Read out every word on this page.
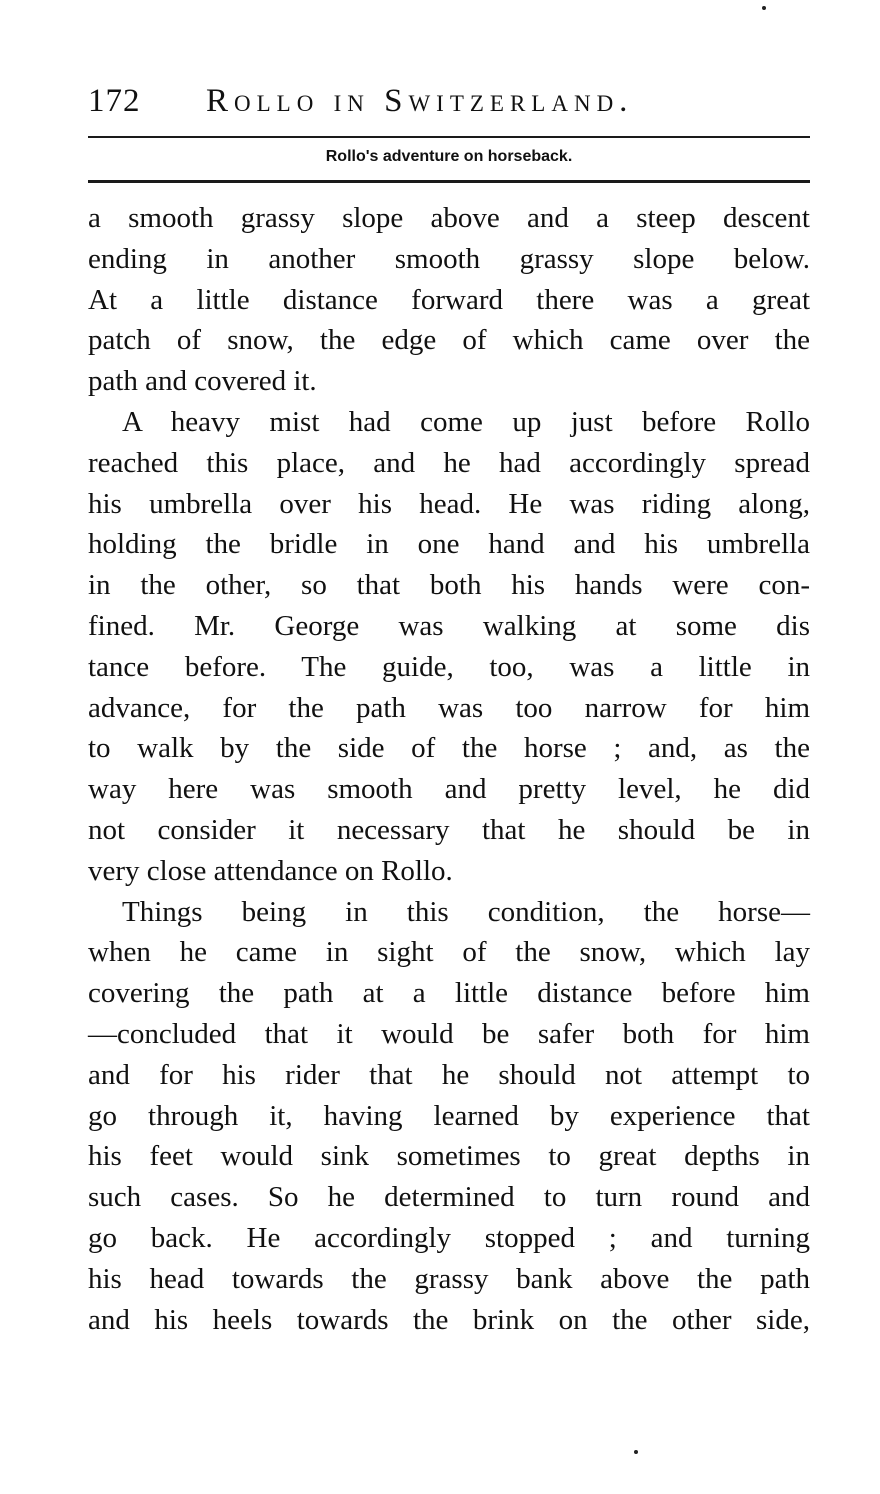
172 Rollo in Switzerland.
Rollo's adventure on horseback.
a smooth grassy slope above and a steep descent
ending in another smooth grassy slope below.
At a little distance forward there was a great
patch of snow, the edge of which came over the
path and covered it.
A heavy mist had come up just before Rollo
reached this place, and he had accordingly spread
his umbrella over his head. He was riding along,
holding the bridle in one hand and his umbrella
in the other, so that both his hands were con-
fined. Mr. George was walking at some dis
tance before. The guide, too, was a little in
advance, for the path was too narrow for him
to walk by the side of the horse ; and, as the
way here was smooth and pretty level, he did
not consider it necessary that he should be in
very close attendance on Rollo.
Things being in this condition, the horse—
when he came in sight of the snow, which lay
covering the path at a little distance before him
—concluded that it would be safer both for him
and for his rider that he should not attempt to
go through it, having learned by experience that
his feet would sink sometimes to great depths in
such cases. So he determined to turn round and
go back. He accordingly stopped ; and turning
his head towards the grassy bank above the path
and his heels towards the brink on the other side,
